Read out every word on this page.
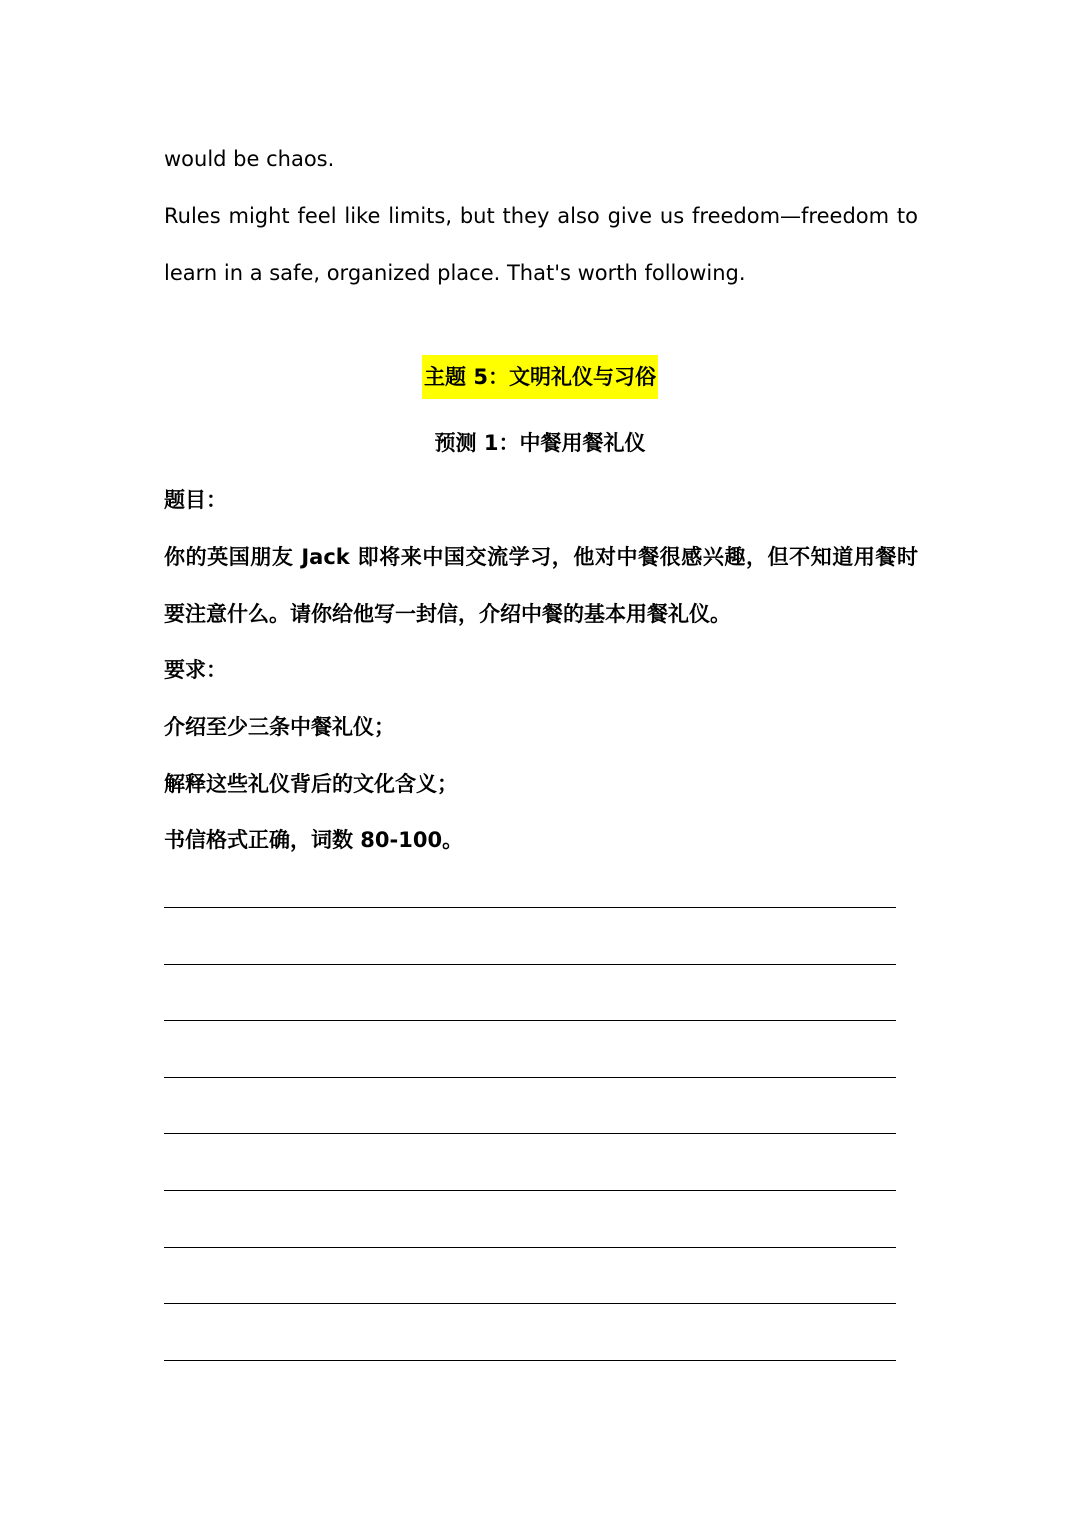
would be chaos.
Rules might feel like limits, but they also give us freedom—freedom to
learn in a safe, organized place. That's worth following.
主题 5：文明礼仪与习俗
预测 1：中餐用餐礼仪
题目：
你的英国朋友 Jack 即将来中国交流学习，他对中餐很感兴趣，但不知道用餐时
要注意什么。请你给他写一封信，介绍中餐的基本用餐礼仪。
要求：
介绍至少三条中餐礼仪；
解释这些礼仪背后的文化含义；
书信格式正确，词数 80-100。
